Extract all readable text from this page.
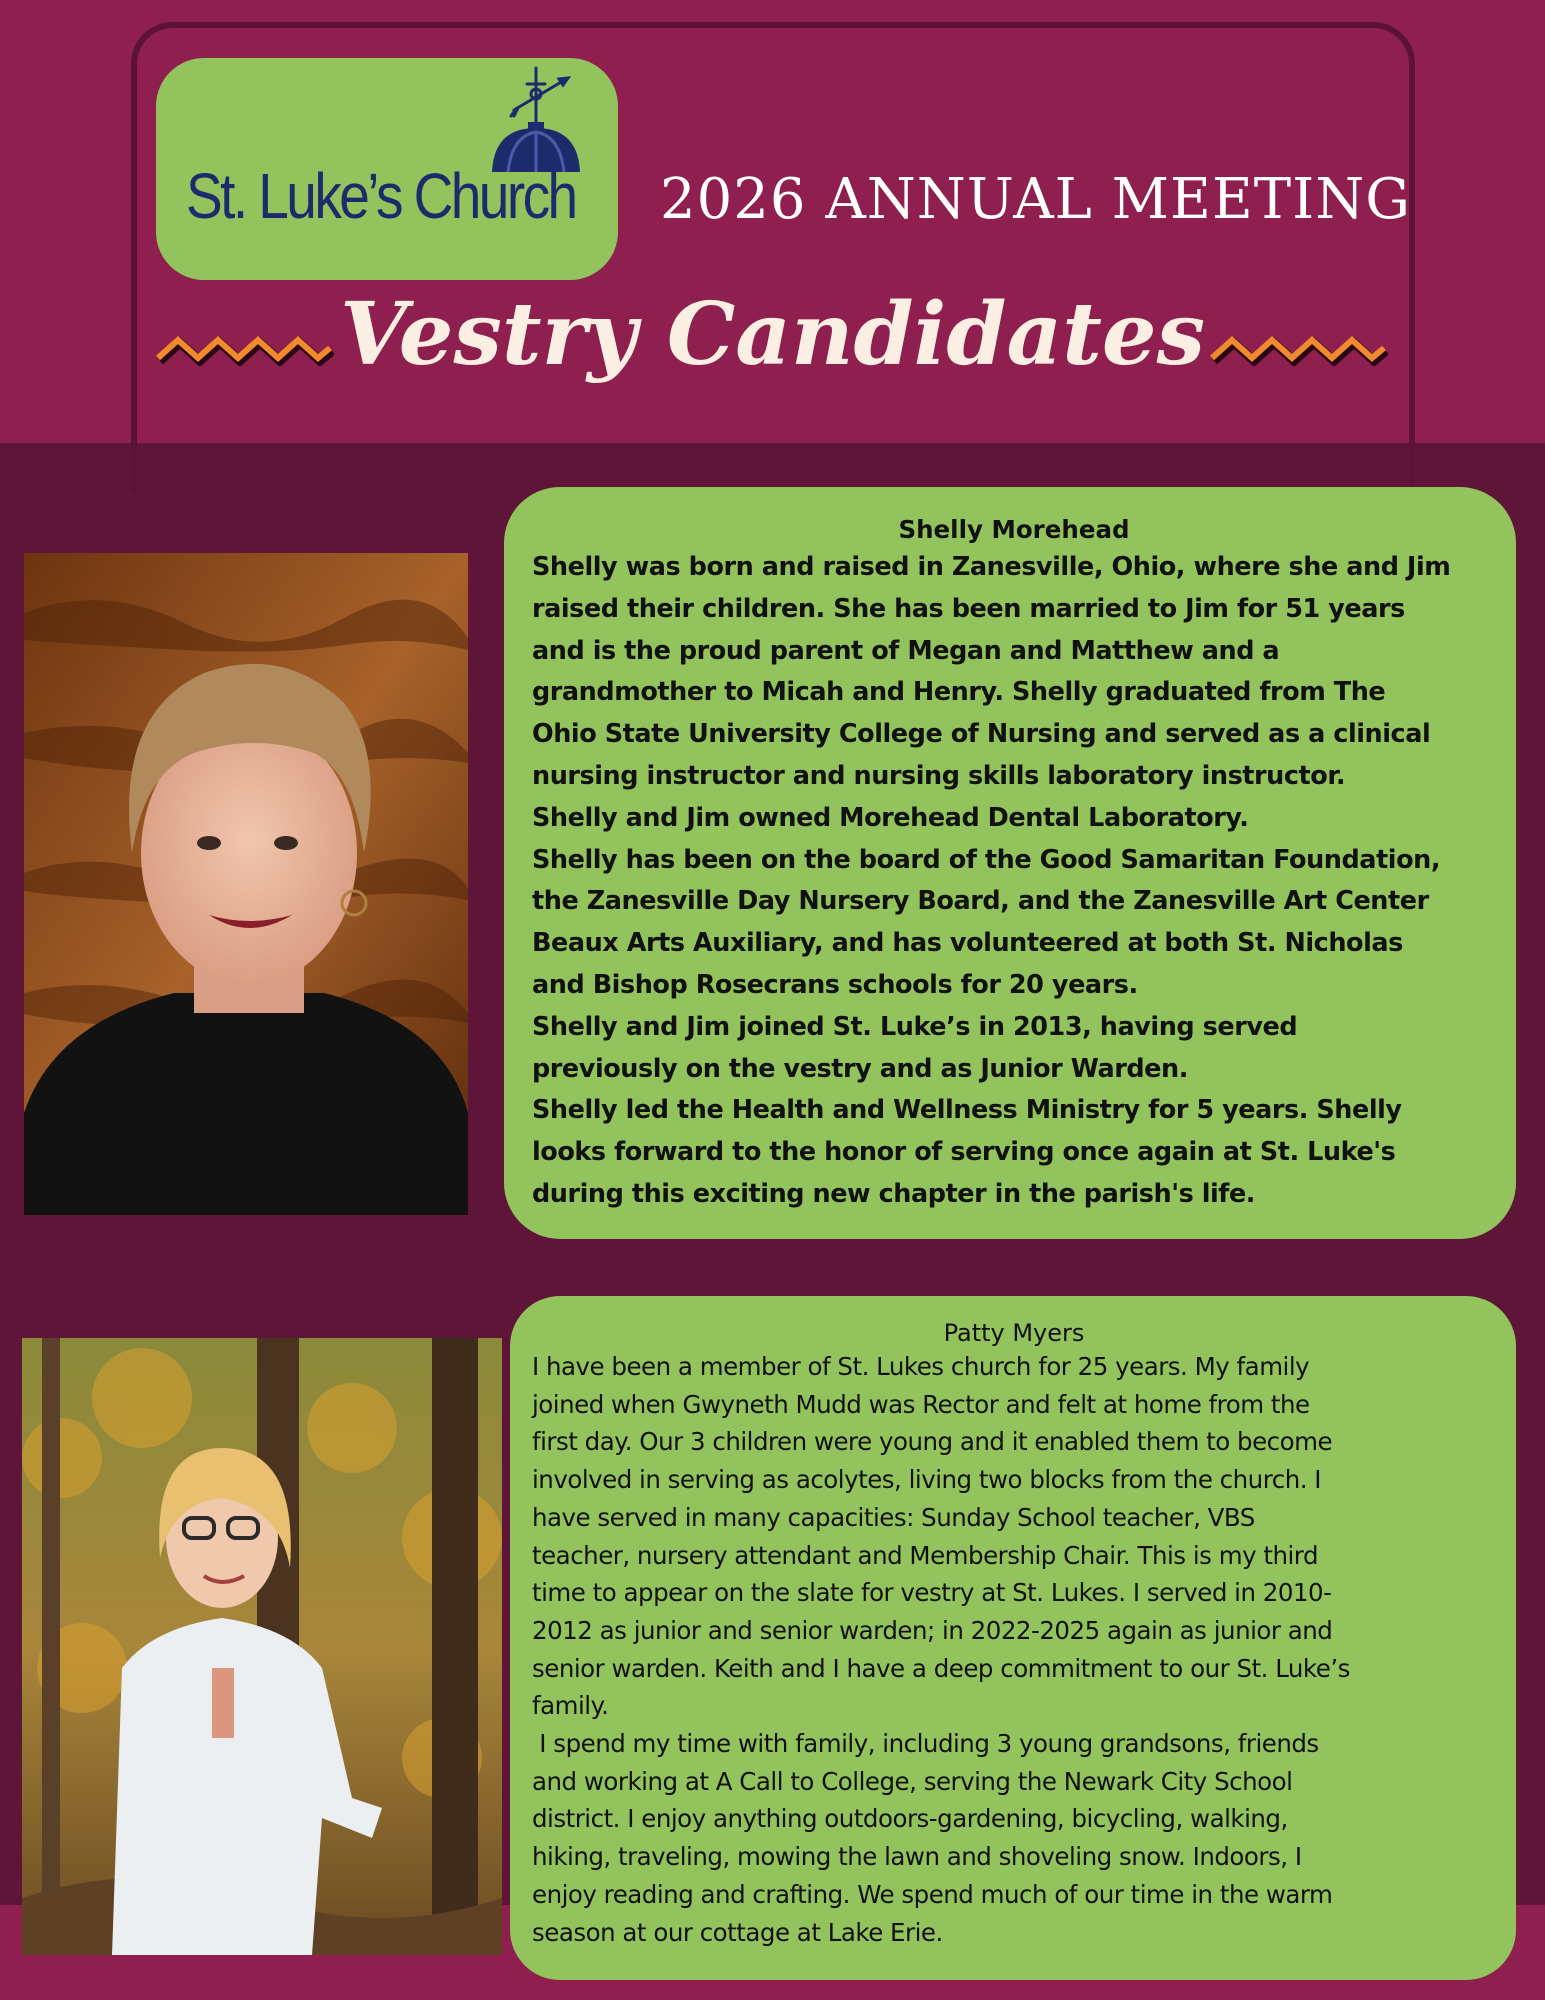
St. Luke’s Church 2026 ANNUAL MEETING
Vestry Candidates
Shelly Morehead

Shelly was born and raised in Zanesville, Ohio, where she and Jim

raised their children. She has been married to Jim for 51 years

and is the proud parent of Megan and Matthew and a

grandmother to Micah and Henry. Shelly graduated from The

Ohio State University College of Nursing and served as a clinical

nursing instructor and nursing skills laboratory instructor.

Shelly and Jim owned Morehead Dental Laboratory.

Shelly has been on the board of the Good Samaritan Foundation,

the Zanesville Day Nursery Board, and the Zanesville Art Center

Beaux Arts Auxiliary, and has volunteered at both St. Nicholas

and Bishop Rosecrans schools for 20 years.

Shelly and Jim joined St. Luke’s in 2013, having served

previously on the vestry and as Junior Warden.

Shelly led the Health and Wellness Ministry for 5 years. Shelly

looks forward to the honor of serving once again at St. Luke's

during this exciting new chapter in the parish's life.

Patty Myers

I have been a member of St. Lukes church for 25 years. My family

joined when Gwyneth Mudd was Rector and felt at home from the

first day. Our 3 children were young and it enabled them to become

involved in serving as acolytes, living two blocks from the church. I

have served in many capacities: Sunday School teacher, VBS

teacher, nursery attendant and Membership Chair. This is my third

time to appear on the slate for vestry at St. Lukes. I served in 2010-

2012 as junior and senior warden; in 2022-2025 again as junior and

senior warden. Keith and I have a deep commitment to our St. Luke’s

family.

I spend my time with family, including 3 young grandsons, friends

and working at A Call to College, serving the Newark City School

district. I enjoy anything outdoors-gardening, bicycling, walking,

hiking, traveling, mowing the lawn and shoveling snow. Indoors, I

enjoy reading and crafting. We spend much of our time in the warm

season at our cottage at Lake Erie.
